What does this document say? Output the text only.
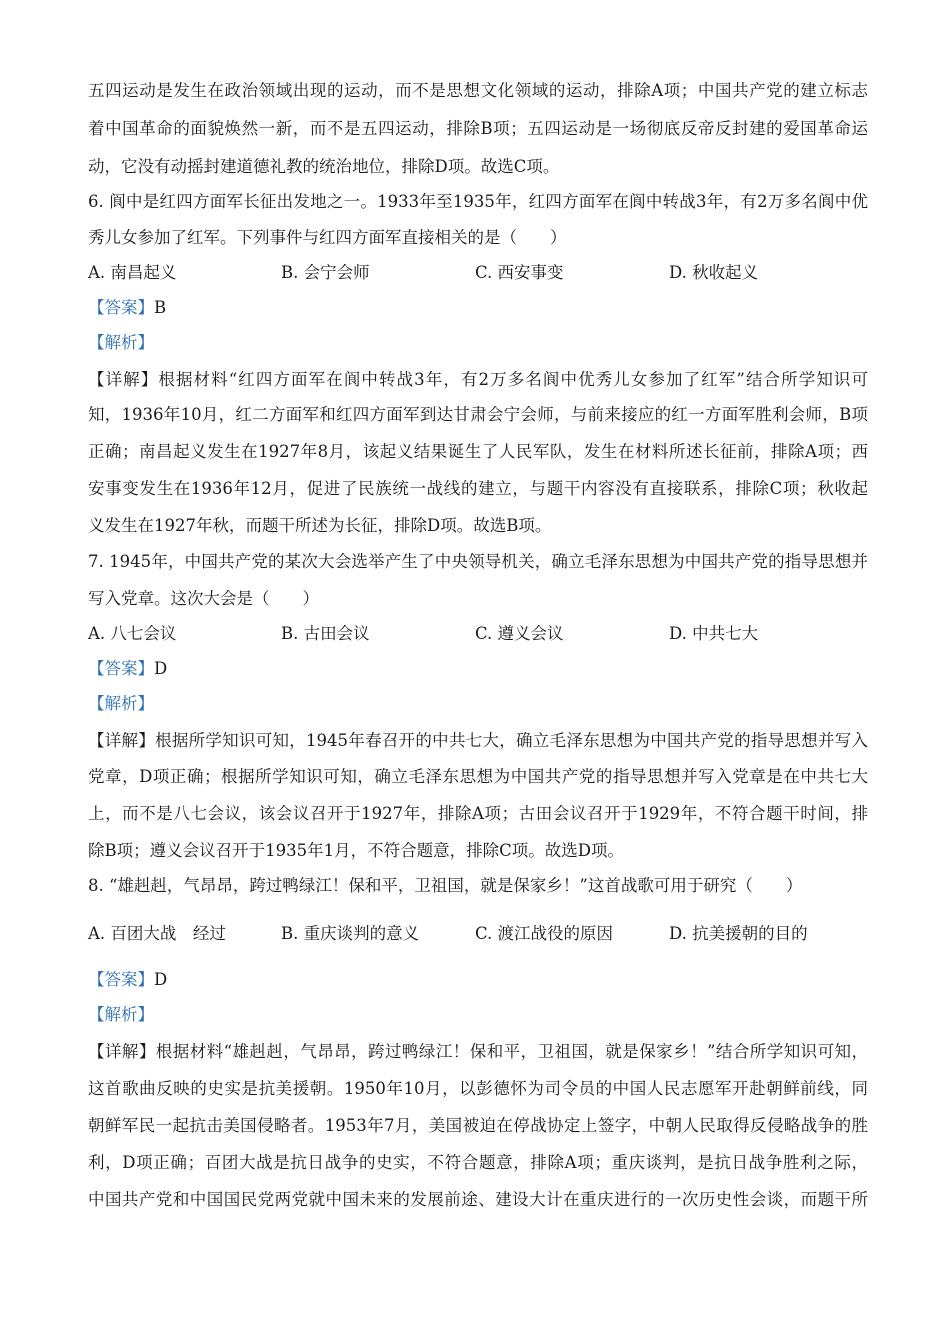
五四运动是发生在政治领域出现的运动，而不是思想文化领域的运动，排除A项；中国共产党的建立标志
着中国革命的面貌焕然一新，而不是五四运动，排除B项；五四运动是一场彻底反帝反封建的爱国革命运
动，它没有动摇封建道德礼教的统治地位，排除D项。故选C项。
6. 阆中是红四方面军长征出发地之一。1933年至1935年，红四方面军在阆中转战3年，有2万多名阆中优
秀儿女参加了红军。下列事件与红四方面军直接相关的是（　　）
A. 南昌起义	B. 会宁会师	C. 西安事变	D. 秋收起义
【答案】B
【解析】
【详解】根据材料“红四方面军在阆中转战3年，有2万多名阆中优秀儿女参加了红军”结合所学知识可
知，1936年10月，红二方面军和红四方面军到达甘肃会宁会师，与前来接应的红一方面军胜利会师，B项
正确；南昌起义发生在1927年8月，该起义结果诞生了人民军队，发生在材料所述长征前，排除A项；西
安事变发生在1936年12月，促进了民族统一战线的建立，与题干内容没有直接联系，排除C项；秋收起
义发生在1927年秋，而题干所述为长征，排除D项。故选B项。
7. 1945年，中国共产党的某次大会选举产生了中央领导机关，确立毛泽东思想为中国共产党的指导思想并
写入党章。这次大会是（　　）
A. 八七会议	B. 古田会议	C. 遵义会议	D. 中共七大
【答案】D
【解析】
【详解】根据所学知识可知，1945年春召开的中共七大，确立毛泽东思想为中国共产党的指导思想并写入
党章，D项正确；根据所学知识可知，确立毛泽东思想为中国共产党的指导思想并写入党章是在中共七大
上，而不是八七会议，该会议召开于1927年，排除A项；古田会议召开于1929年，不符合题干时间，排
除B项；遵义会议召开于1935年1月，不符合题意，排除C项。故选D项。
8. “雄赳赳，气昂昂，跨过鸭绿江！保和平，卫祖国，就是保家乡！”这首战歌可用于研究（　　）
A. 百团大战　经过	B. 重庆谈判的意义	C. 渡江战役的原因	D. 抗美援朝的目的
【答案】D
【解析】
【详解】根据材料“雄赳赳，气昂昂，跨过鸭绿江！保和平，卫祖国，就是保家乡！”结合所学知识可知，
这首歌曲反映的史实是抗美援朝。1950年10月，以彭德怀为司令员的中国人民志愿军开赴朝鲜前线，同
朝鲜军民一起抗击美国侵略者。1953年7月，美国被迫在停战协定上签字，中朝人民取得反侵略战争的胜
利，D项正确；百团大战是抗日战争的史实，不符合题意，排除A项；重庆谈判，是抗日战争胜利之际，
中国共产党和中国国民党两党就中国未来的发展前途、建设大计在重庆进行的一次历史性会谈，而题干所
